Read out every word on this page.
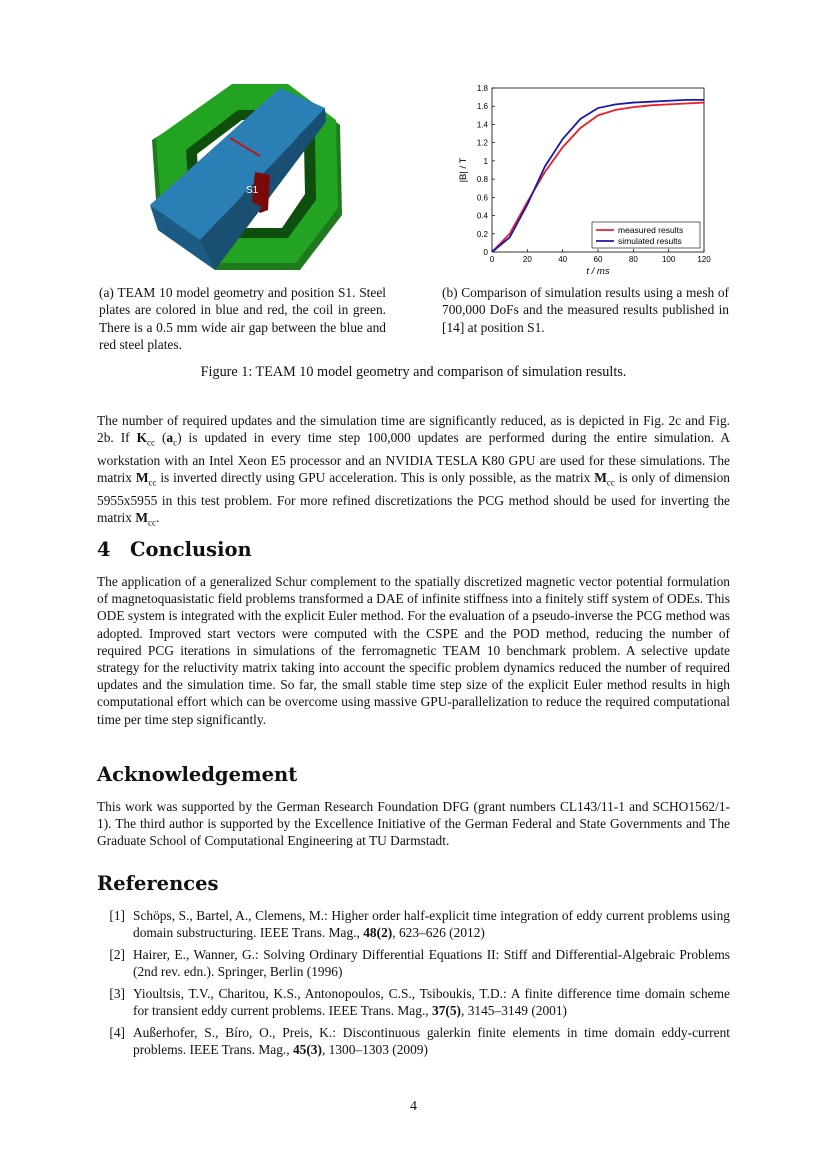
S1
0	20	40	60	80	100	120
0
0.2
0.4
0.6
0.8
1
1.2
1.4
1.6
1.8
t / ms
|B| / T
measured results
simulated results
(a) TEAM 10 model geometry and position S1. Steel plates are colored in blue and red, the coil in green. There is a 0.5 mm wide air gap between the blue and red steel plates.
(b) Comparison of simulation results using a mesh of 700,000 DoFs and the measured results published in [14] at position S1.
Figure 1: TEAM 10 model geometry and comparison of simulation results.
The number of required updates and the simulation time are significantly reduced, as is depicted in Fig. 2c and Fig. 2b. If $K_{cc}$ $(a_c)$ is updated in every time step 100,000 updates are performed during the entire simulation. A workstation with an Intel Xeon E5 processor and an NVIDIA TESLA K80 GPU are used for these simulations. The matrix $M_{cc}$ is inverted directly using GPU acceleration. This is only possible, as the matrix $M_{cc}$ is only of dimension 5955x5955 in this test problem. For more refined discretizations the PCG method should be used for inverting the matrix $M_{cc}$.
4 Conclusion
The application of a generalized Schur complement to the spatially discretized magnetic vector potential formulation of magnetoquasistatic field problems transformed a DAE of infinite stiffness into a finitely stiff system of ODEs. This ODE system is integrated with the explicit Euler method. For the evaluation of a pseudo-inverse the PCG method was adopted. Improved start vectors were computed with the CSPE and the POD method, reducing the number of required PCG iterations in simulations of the ferromagnetic TEAM 10 benchmark problem. A selective update strategy for the reluctivity matrix taking into account the specific problem dynamics reduced the number of required updates and the simulation time. So far, the small stable time step size of the explicit Euler method results in high computational effort which can be overcome using massive GPU-parallelization to reduce the required computational time per time step significantly.
Acknowledgement
This work was supported by the German Research Foundation DFG (grant numbers CL143/11-1 and SCHO1562/1-1). The third author is supported by the Excellence Initiative of the German Federal and State Governments and The Graduate School of Computational Engineering at TU Darmstadt.
References
[1] Schöps, S., Bartel, A., Clemens, M.: Higher order half-explicit time integration of eddy current problems using domain substructuring. IEEE Trans. Mag., 48(2), 623–626 (2012)
[2] Hairer, E., Wanner, G.: Solving Ordinary Differential Equations II: Stiff and Differential-Algebraic Problems (2nd rev. edn.). Springer, Berlin (1996)
[3] Yioultsis, T.V., Charitou, K.S., Antonopoulos, C.S., Tsiboukis, T.D.: A finite difference time domain scheme for transient eddy current problems. IEEE Trans. Mag., 37(5), 3145–3149 (2001)
[4] Außerhofer, S., Bíro, O., Preis, K.: Discontinuous galerkin finite elements in time domain eddy-current problems. IEEE Trans. Mag., 45(3), 1300–1303 (2009)
4
